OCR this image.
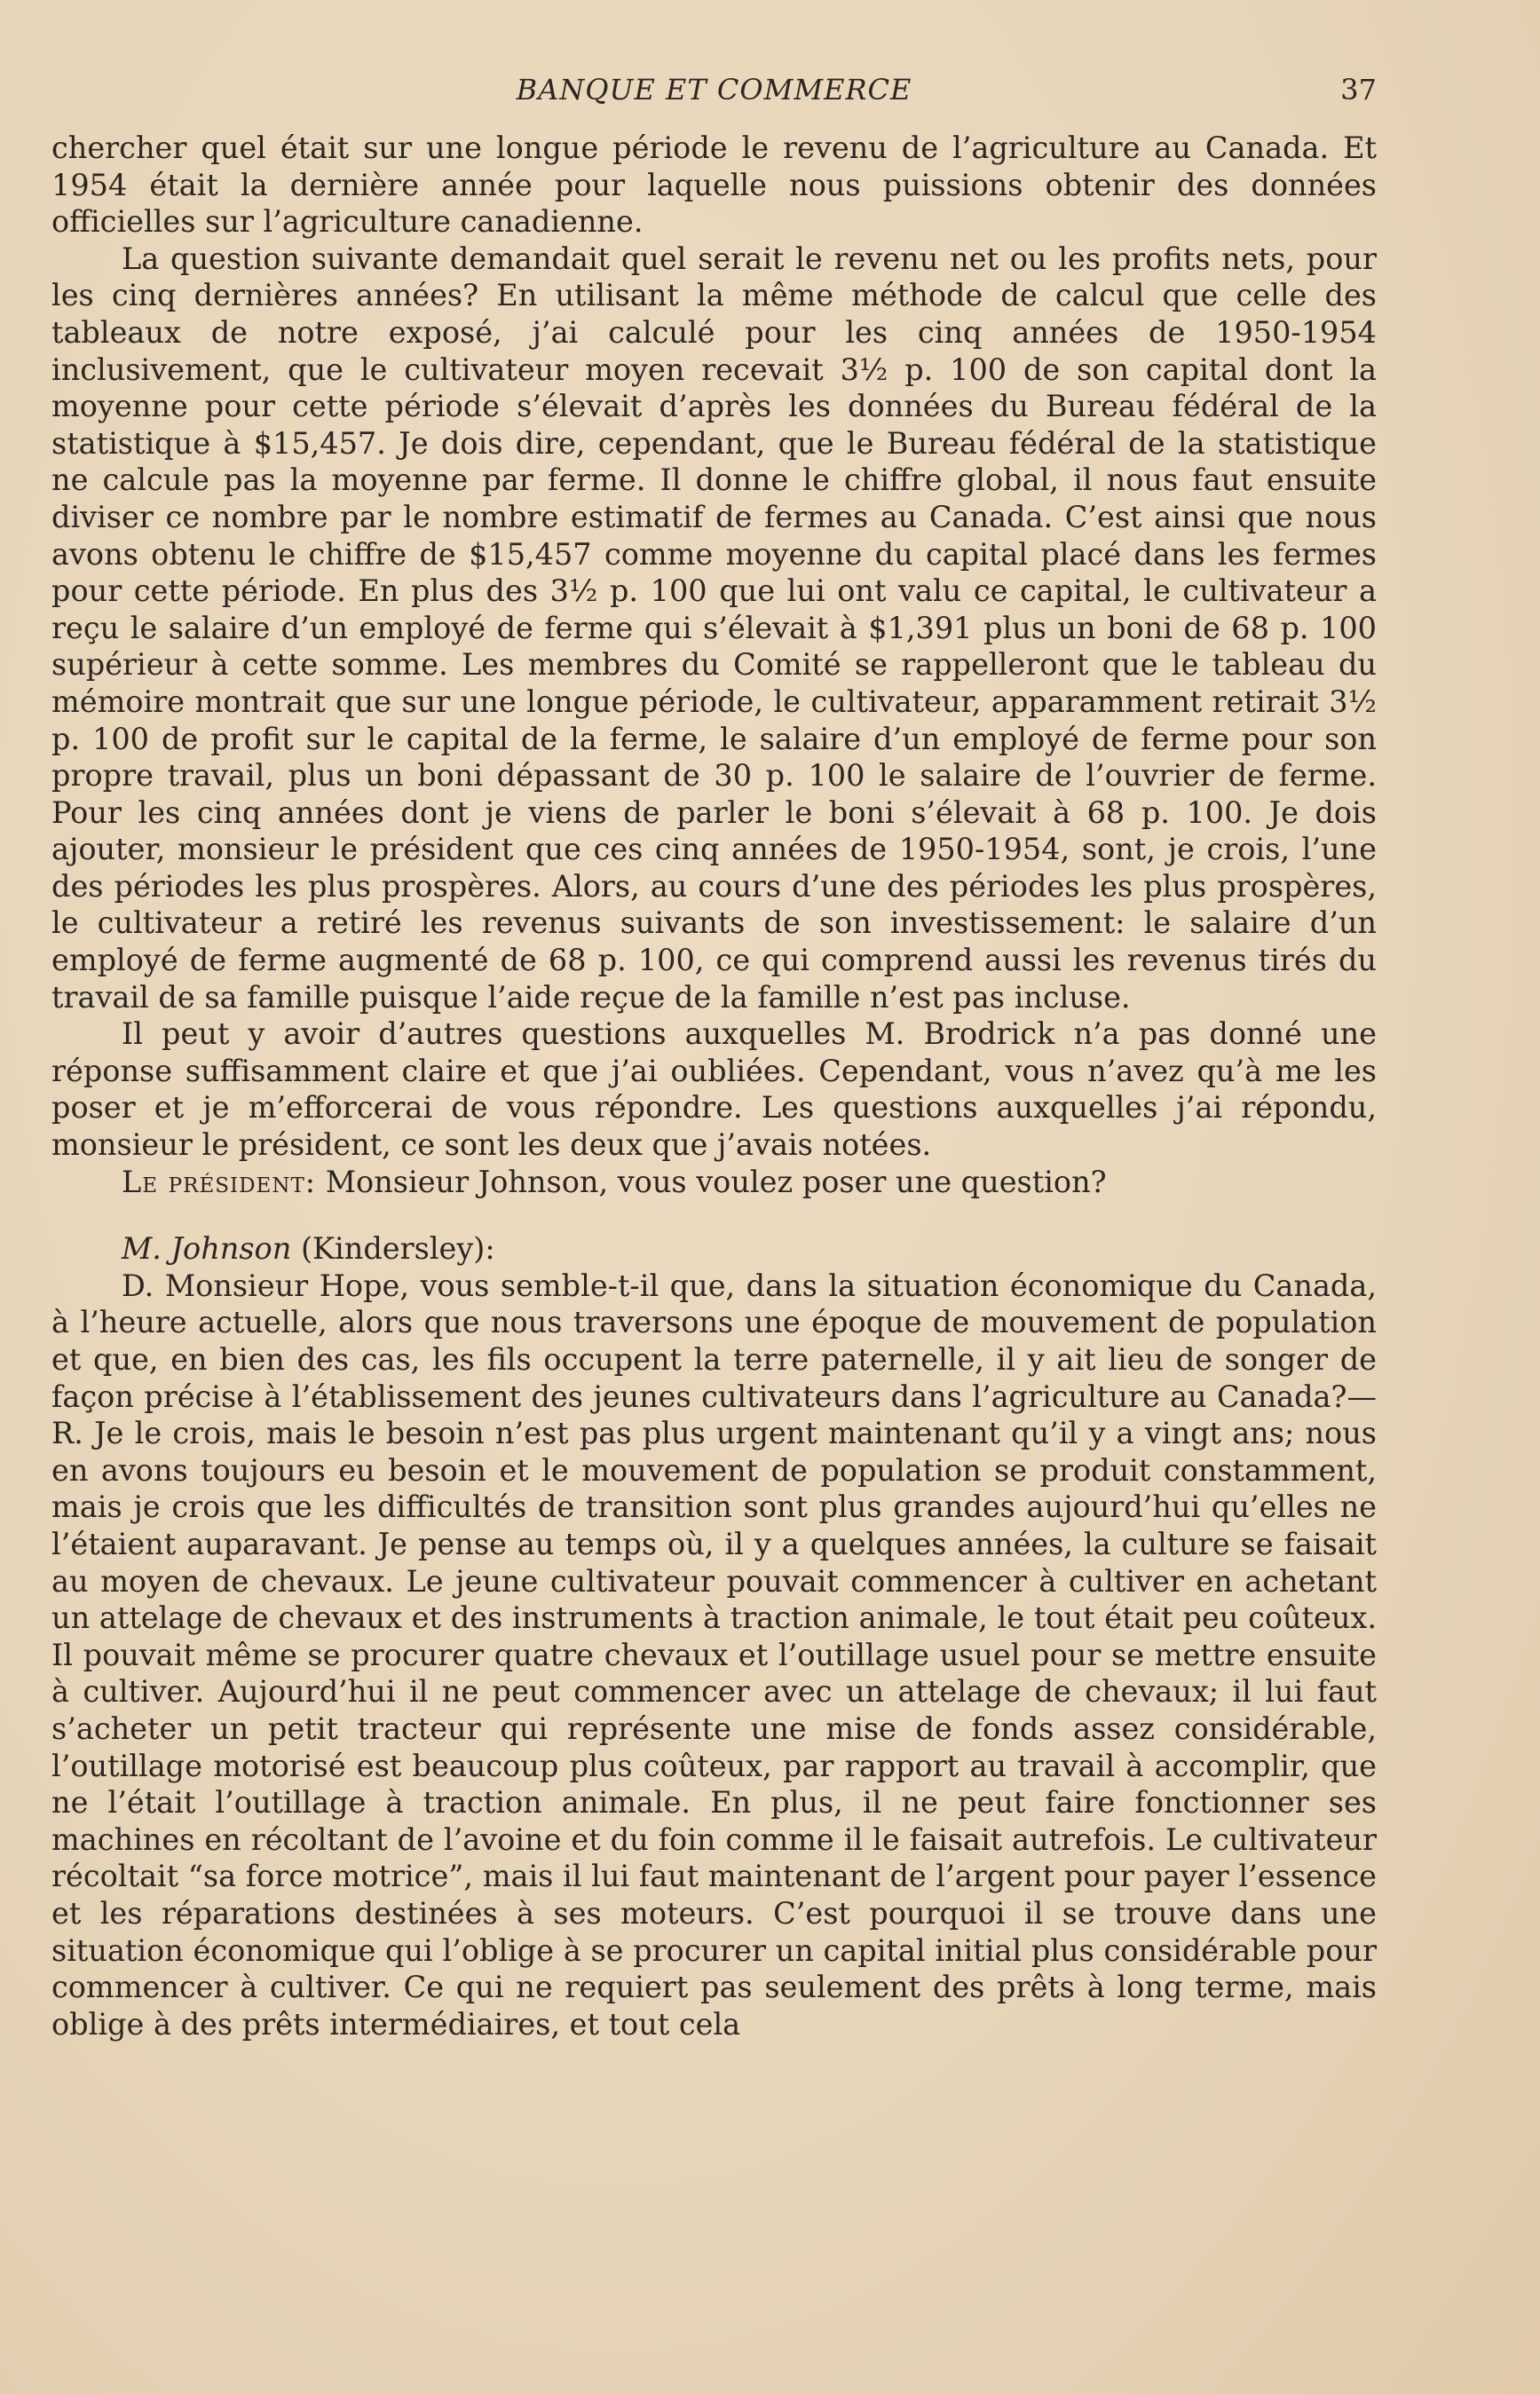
BANQUE ET COMMERCE	37

chercher quel était sur une longue période le revenu de l’agriculture au Canada. Et 1954 était la dernière année pour laquelle nous puissions obtenir des données officielles sur l’agriculture canadienne.

La question suivante demandait quel serait le revenu net ou les profits nets, pour les cinq dernières années? En utilisant la même méthode de calcul que celle des tableaux de notre exposé, j’ai calculé pour les cinq années de 1950-1954 inclusivement, que le cultivateur moyen recevait 3½ p. 100 de son capital dont la moyenne pour cette période s’élevait d’après les données du Bureau fédéral de la statistique à $15,457. Je dois dire, cependant, que le Bureau fédéral de la statistique ne calcule pas la moyenne par ferme. Il donne le chiffre global, il nous faut ensuite diviser ce nombre par le nombre estimatif de fermes au Canada. C’est ainsi que nous avons obtenu le chiffre de $15,457 comme moyenne du capital placé dans les fermes pour cette période. En plus des 3½ p. 100 que lui ont valu ce capital, le cultivateur a reçu le salaire d’un employé de ferme qui s’élevait à $1,391 plus un boni de 68 p. 100 supérieur à cette somme. Les membres du Comité se rappelleront que le tableau du mémoire montrait que sur une longue période, le cultivateur, apparamment retirait 3½ p. 100 de profit sur le capital de la ferme, le salaire d’un employé de ferme pour son propre travail, plus un boni dépassant de 30 p. 100 le salaire de l’ouvrier de ferme. Pour les cinq années dont je viens de parler le boni s’élevait à 68 p. 100. Je dois ajouter, monsieur le président que ces cinq années de 1950-1954, sont, je crois, l’une des périodes les plus prospères. Alors, au cours d’une des périodes les plus prospères, le cultivateur a retiré les revenus suivants de son investissement: le salaire d’un employé de ferme augmenté de 68 p. 100, ce qui comprend aussi les revenus tirés du travail de sa famille puisque l’aide reçue de la famille n’est pas incluse.

Il peut y avoir d’autres questions auxquelles M. Brodrick n’a pas donné une réponse suffisamment claire et que j’ai oubliées. Cependant, vous n’avez qu’à me les poser et je m’efforcerai de vous répondre. Les questions auxquelles j’ai répondu, monsieur le président, ce sont les deux que j’avais notées.

Le président: Monsieur Johnson, vous voulez poser une question?

M. Johnson (Kindersley):

D. Monsieur Hope, vous semble-t-il que, dans la situation économique du Canada, à l’heure actuelle, alors que nous traversons une époque de mouvement de population et que, en bien des cas, les fils occupent la terre paternelle, il y ait lieu de songer de façon précise à l’établissement des jeunes cultivateurs dans l’agriculture au Canada?—R. Je le crois, mais le besoin n’est pas plus urgent maintenant qu’il y a vingt ans; nous en avons toujours eu besoin et le mouvement de population se produit constamment, mais je crois que les difficultés de transition sont plus grandes aujourd’hui qu’elles ne l’étaient auparavant. Je pense au temps où, il y a quelques années, la culture se faisait au moyen de chevaux. Le jeune cultivateur pouvait commencer à cultiver en achetant un attelage de chevaux et des instruments à traction animale, le tout était peu coûteux. Il pouvait même se procurer quatre chevaux et l’outillage usuel pour se mettre ensuite à cultiver. Aujourd’hui il ne peut commencer avec un attelage de chevaux; il lui faut s’acheter un petit tracteur qui représente une mise de fonds assez considérable, l’outillage motorisé est beaucoup plus coûteux, par rapport au travail à accomplir, que ne l’était l’outillage à traction animale. En plus, il ne peut faire fonctionner ses machines en récoltant de l’avoine et du foin comme il le faisait autrefois. Le cultivateur récoltait “sa force motrice”, mais il lui faut maintenant de l’argent pour payer l’essence et les réparations destinées à ses moteurs. C’est pourquoi il se trouve dans une situation économique qui l’oblige à se procurer un capital initial plus considérable pour commencer à cultiver. Ce qui ne requiert pas seulement des prêts à long terme, mais oblige à des prêts intermédiaires, et tout cela
